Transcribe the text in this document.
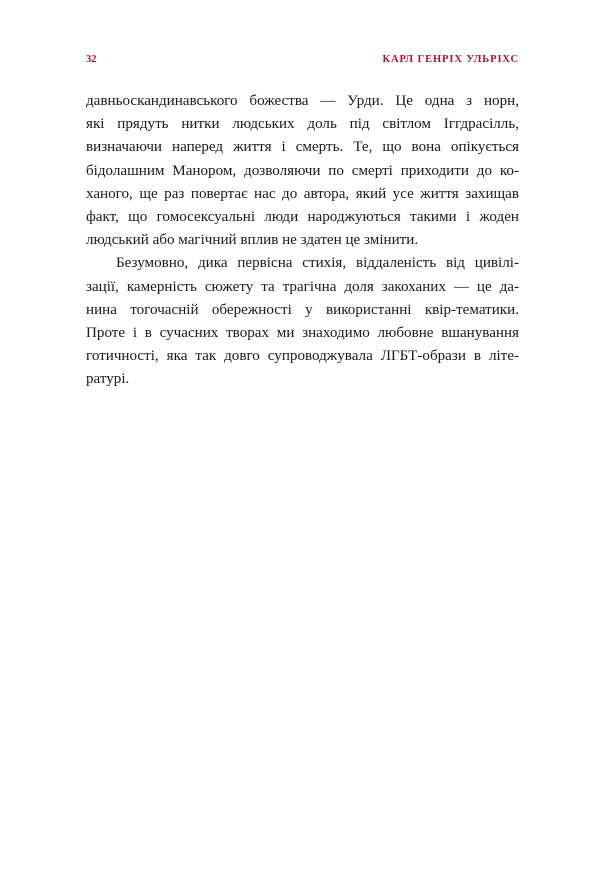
32	КАРЛ ГЕНРІХ УЛЬРІХС
давньоскандинавського божества — Урди. Це одна з норн,
які прядуть нитки людських доль під світлом Іггдрасілль,
визначаючи наперед життя і смерть. Те, що вона опікується
бідолашним Манором, дозволяючи по смерті приходити до ко-
ханого, ще раз повертає нас до автора, який усе життя захищав
факт, що гомосексуальні люди народжуються такими і жоден
людський або магічний вплив не здатен це змінити.
Безумовно, дика первісна стихія, віддаленість від цивілі-
зації, камерність сюжету та трагічна доля закоханих — це да-
нина тогочасній обережності у використанні квір-тематики.
Проте і в сучасних творах ми знаходимо любовне вшанування
готичності, яка так довго супроводжувала ЛГБТ-образи в літе-
ратурі.
